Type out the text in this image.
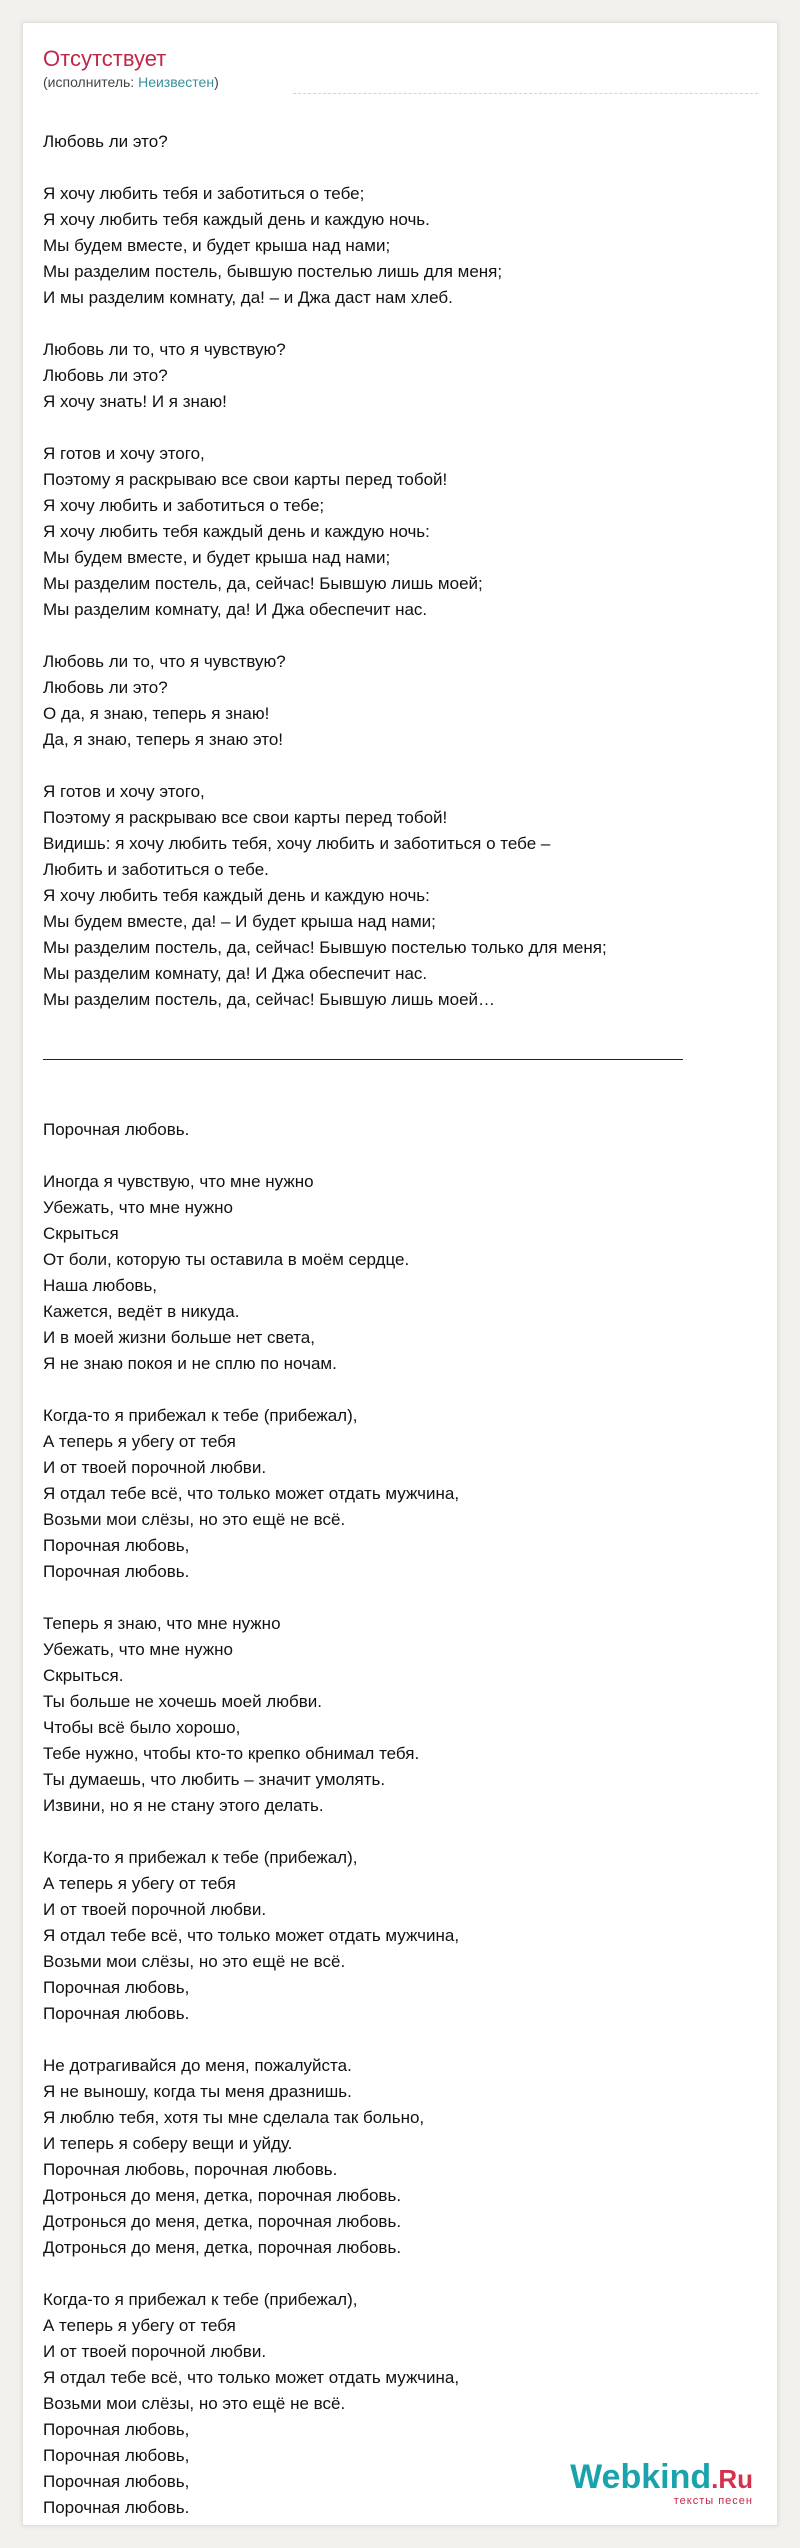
Отсутствует
(исполнитель: Неизвестен)
Любовь ли это?

Я хочу любить тебя и заботиться о тебе;
Я хочу любить тебя каждый день и каждую ночь.
Мы будем вместе, и будет крыша над нами;
Мы разделим постель, бывшую постелью лишь для меня;
И мы разделим комнату, да! – и Джа даст нам хлеб.

Любовь ли то, что я чувствую?
Любовь ли это?
Я хочу знать! И я знаю!

Я готов и хочу этого,
Поэтому я раскрываю все свои карты перед тобой!
Я хочу любить и заботиться о тебе;
Я хочу любить тебя каждый день и каждую ночь:
Мы будем вместе, и будет крыша над нами;
Мы разделим постель, да, сейчас! Бывшую лишь моей;
Мы разделим комнату, да! И Джа обеспечит нас.

Любовь ли то, что я чувствую?
Любовь ли это?
О да, я знаю, теперь я знаю!
Да, я знаю, теперь я знаю это!

Я готов и хочу этого,
Поэтому я раскрываю все свои карты перед тобой!
Видишь: я хочу любить тебя, хочу любить и заботиться о тебе –
Любить и заботиться о тебе.
Я хочу любить тебя каждый день и каждую ночь:
Мы будем вместе, да! – И будет крыша над нами;
Мы разделим постель, да, сейчас! Бывшую постелью только для меня;
Мы разделим комнату, да! И Джа обеспечит нас.
Мы разделим постель, да, сейчас! Бывшую лишь моей…
Порочная любовь.

Иногда я чувствую, что мне нужно
Убежать, что мне нужно
Скрыться
От боли, которую ты оставила в моём сердце.
Наша любовь,
Кажется, ведёт в никуда.
И в моей жизни больше нет света,
Я не знаю покоя и не сплю по ночам.

Когда-то я прибежал к тебе (прибежал),
А теперь я убегу от тебя
И от твоей порочной любви.
Я отдал тебе всё, что только может отдать мужчина,
Возьми мои слёзы, но это ещё не всё.
Порочная любовь,
Порочная любовь.

Теперь я знаю, что мне нужно
Убежать, что мне нужно
Скрыться.
Ты больше не хочешь моей любви.
Чтобы всё было хорошо,
Тебе нужно, чтобы кто-то крепко обнимал тебя.
Ты думаешь, что любить – значит умолять.
Извини, но я не стану этого делать.

Когда-то я прибежал к тебе (прибежал),
А теперь я убегу от тебя
И от твоей порочной любви.
Я отдал тебе всё, что только может отдать мужчина,
Возьми мои слёзы, но это ещё не всё.
Порочная любовь,
Порочная любовь.

Не дотрагивайся до меня, пожалуйста.
Я не выношу, когда ты меня дразнишь.
Я люблю тебя, хотя ты мне сделала так больно,
И теперь я соберу вещи и уйду.
Порочная любовь, порочная любовь.
Дотронься до меня, детка, порочная любовь.
Дотронься до меня, детка, порочная любовь.
Дотронься до меня, детка, порочная любовь.

Когда-то я прибежал к тебе (прибежал),
А теперь я убегу от тебя
И от твоей порочной любви.
Я отдал тебе всё, что только может отдать мужчина,
Возьми мои слёзы, но это ещё не всё.
Порочная любовь,
Порочная любовь,
Порочная любовь,
Порочная любовь.
Webkind.Ru
тексты песен
